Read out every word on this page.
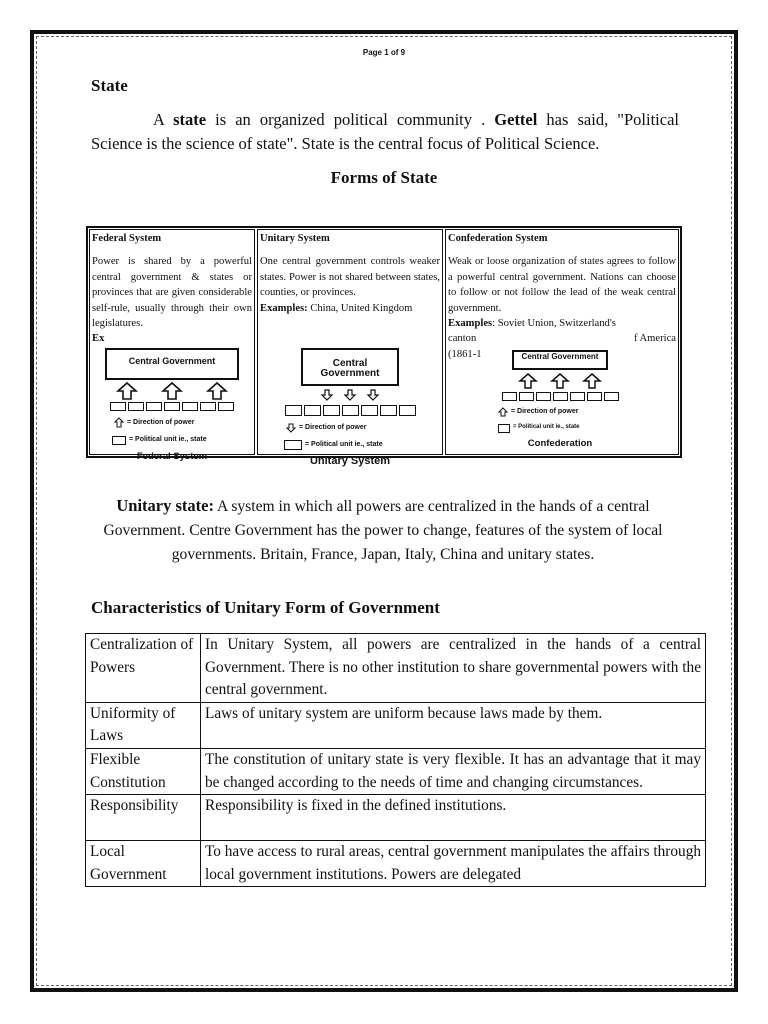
Page 1 of 9
State
A state is an organized political community . Gettel has said, "Political Science is the science of state". State is the central focus of Political Science.
Forms of State
Federal System
Power is shared by a powerful central government & states or provinces that are given considerable self-rule, usually through their own legislatures.
Ex
Central Government
= Direction of power
= Political unit ie., state
Federal System
Unitary System
One central government controls weaker states. Power is not shared between states, counties, or provinces.
Examples: China, United Kingdom
Central Government
= Direction of power
= Political unit ie., state
Unitary System
Confederation System
Weak or loose organization of states agrees to follow a powerful central government. Nations can choose to follow or not follow the lead of the weak central government.
Examples: Soviet Union, Switzerland's

canton	f America
(1861-1	Central Government
= Direction of power
= Political unit ie., state
Confederation
Unitary state: A system in which all powers are centralized in the hands of a central Government. Centre Government has the power to change, features of the system of local governments. Britain, France, Japan, Italy, China and unitary states.
Characteristics of Unitary Form of Government
Centralization of Powers	In Unitary System, all powers are centralized in the hands of a central Government. There is no other institution to share governmental powers with the central government.
Uniformity of Laws	Laws of unitary system are uniform because laws made by them.
Flexible Constitution	The constitution of unitary state is very flexible. It has an advantage that it may be changed according to the needs of time and changing circumstances.
Responsibility	Responsibility is fixed in the defined institutions.
Local Government	To have access to rural areas, central government manipulates the affairs through local government institutions. Powers are delegated
